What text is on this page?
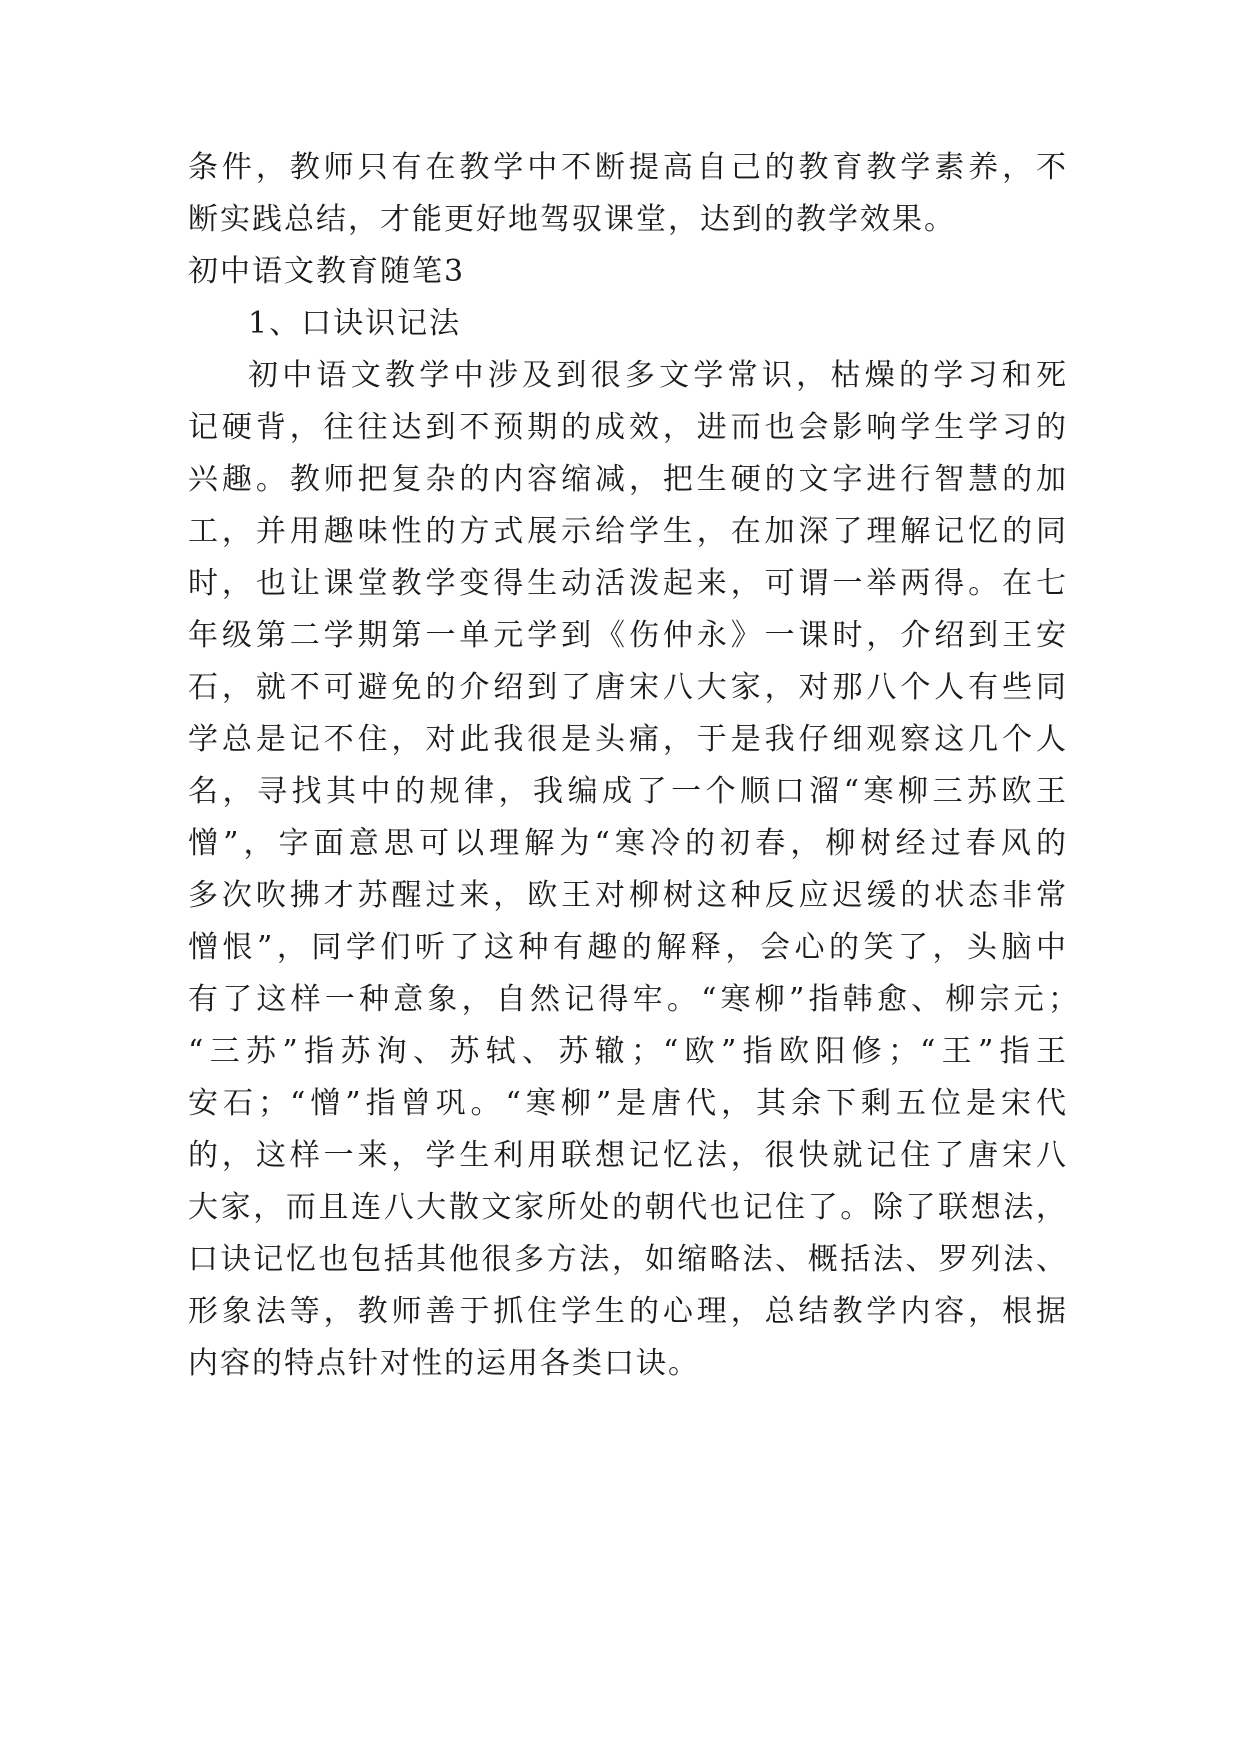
条件，教师只有在教学中不断提高自己的教育教学素养，不
断实践总结，才能更好地驾驭课堂，达到的教学效果。
初中语文教育随笔3
1、口诀识记法
初中语文教学中涉及到很多文学常识，枯燥的学习和死
记硬背，往往达到不预期的成效，进而也会影响学生学习的
兴趣。教师把复杂的内容缩减，把生硬的文字进行智慧的加
工，并用趣味性的方式展示给学生，在加深了理解记忆的同
时，也让课堂教学变得生动活泼起来，可谓一举两得。在七
年级第二学期第一单元学到《伤仲永》一课时，介绍到王安
石，就不可避免的介绍到了唐宋八大家，对那八个人有些同
学总是记不住，对此我很是头痛，于是我仔细观察这几个人
名，寻找其中的规律，我编成了一个顺口溜“寒柳三苏欧王
憎”，字面意思可以理解为“寒冷的初春，柳树经过春风的
多次吹拂才苏醒过来，欧王对柳树这种反应迟缓的状态非常
憎恨”，同学们听了这种有趣的解释，会心的笑了，头脑中
有了这样一种意象，自然记得牢。“寒柳”指韩愈、柳宗元；
“三苏”指苏洵、苏轼、苏辙；“欧”指欧阳修；“王”指王
安石；“憎”指曾巩。“寒柳”是唐代，其余下剩五位是宋代
的，这样一来，学生利用联想记忆法，很快就记住了唐宋八
大家，而且连八大散文家所处的朝代也记住了。除了联想法，
口诀记忆也包括其他很多方法，如缩略法、概括法、罗列法、
形象法等，教师善于抓住学生的心理，总结教学内容，根据
内容的特点针对性的运用各类口诀。
